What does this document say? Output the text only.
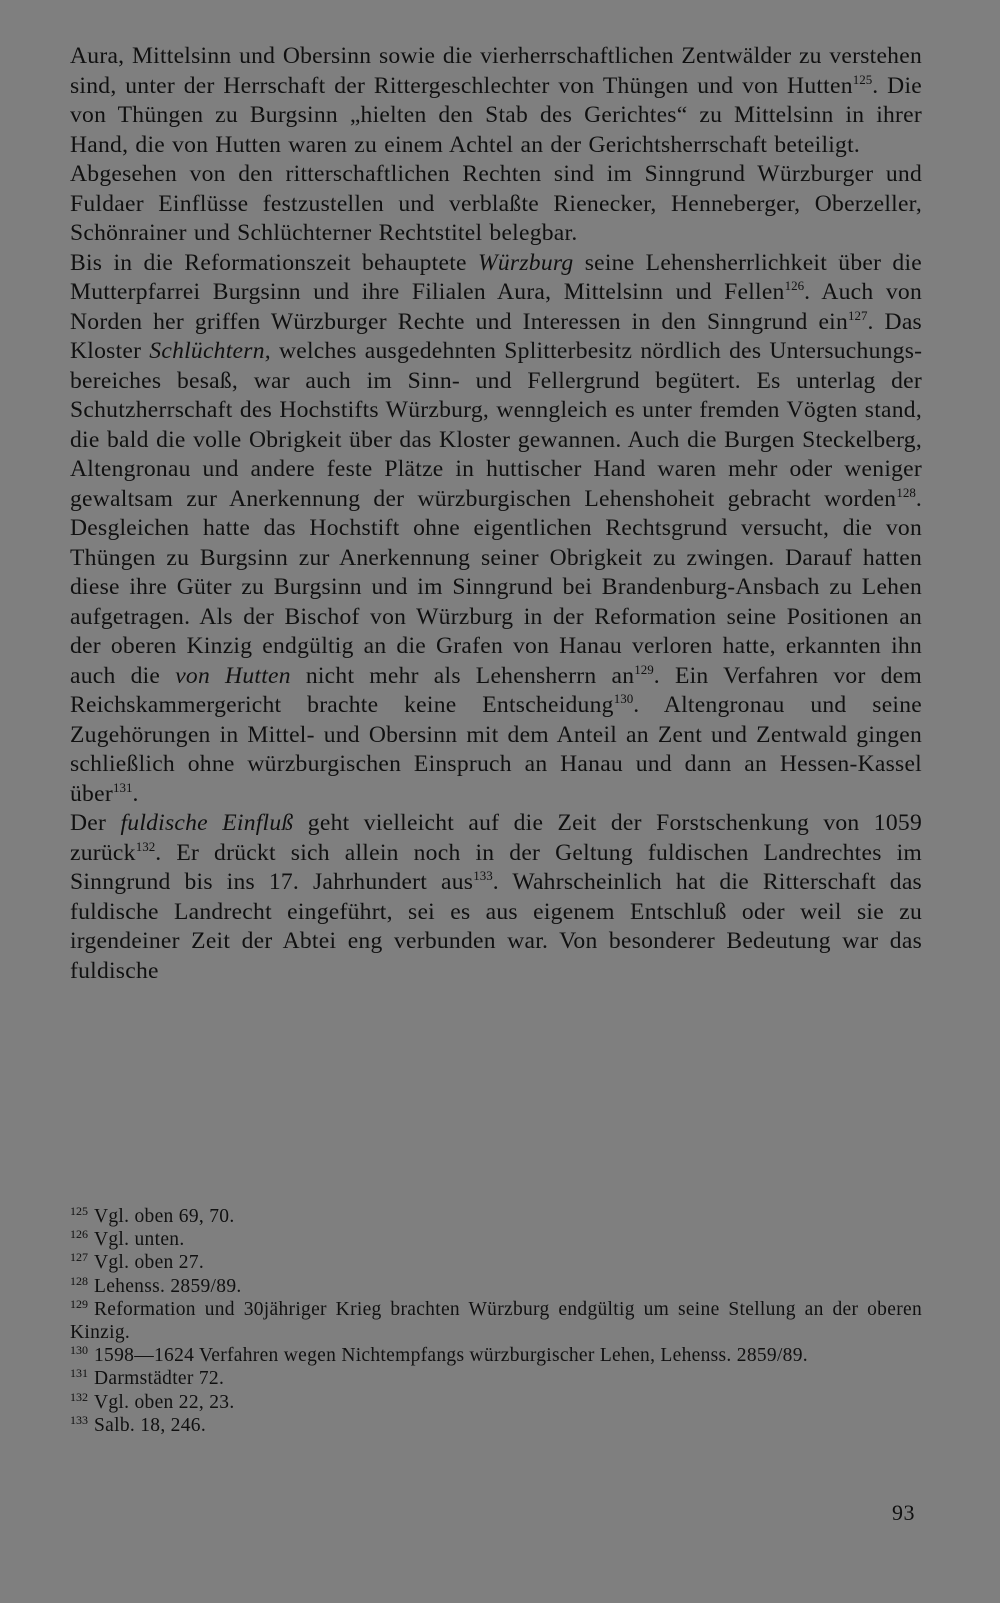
Aura, Mittelsinn und Obersinn sowie die vierherrschaftlichen Zentwälder zu verstehen sind, unter der Herrschaft der Rittergeschlechter von Thüngen und von Hutten$^{125}$. Die von Thüngen zu Burgsinn „hielten den Stab des Gerichtes“ zu Mittelsinn in ihrer Hand, die von Hutten waren zu einem Achtel an der Gerichtsherrschaft beteiligt.

Abgesehen von den ritterschaftlichen Rechten sind im Sinngrund Würzburger und Fuldaer Einflüsse festzustellen und verblaßte Rienecker, Henneberger, Oberzeller, Schönrainer und Schlüchterner Rechtstitel belegbar.

Bis in die Reformationszeit behauptete Würzburg seine Lehensherrlichkeit über die Mutterpfarrei Burgsinn und ihre Filialen Aura, Mittelsinn und Fellen$^{126}$. Auch von Norden her griffen Würzburger Rechte und Interessen in den Sinngrund ein$^{127}$. Das Kloster Schlüchtern, welches ausgedehnten Splitterbesitz nördlich des Untersuchungsbereiches besaß, war auch im Sinn- und Fellergrund begütert. Es unterlag der Schutzherrschaft des Hochstifts Würzburg, wenngleich es unter fremden Vögten stand, die bald die volle Obrigkeit über das Kloster gewannen. Auch die Burgen Steckelberg, Altengronau und andere feste Plätze in huttischer Hand waren mehr oder weniger gewaltsam zur Anerkennung der würzburgischen Lehenshoheit gebracht worden$^{128}$. Desgleichen hatte das Hochstift ohne eigentlichen Rechtsgrund versucht, die von Thüngen zu Burgsinn zur Anerkennung seiner Obrigkeit zu zwingen. Darauf hatten diese ihre Güter zu Burgsinn und im Sinngrund bei Brandenburg-Ansbach zu Lehen aufgetragen. Als der Bischof von Würzburg in der Reformation seine Positionen an der oberen Kinzig endgültig an die Grafen von Hanau verloren hatte, erkannten ihn auch die von Hutten nicht mehr als Lehensherrn $an^{129}$. Ein Verfahren vor dem Reichskammergericht brachte keine Entscheidung$^{130}$. Altengronau und seine Zugehörungen in Mittel- und Obersinn mit dem Anteil an Zent und Zentwald gingen schließlich ohne würzburgischen Einspruch an Hanau und dann an Hessen-Kassel über$^{131}$.

Der fuldische Einfluß geht vielleicht auf die Zeit der Forstschenkung von 1059 zurück$^{132}$. Er drückt sich allein noch in der Geltung fuldischen Landrechtes im Sinngrund bis ins 17. Jahrhundert aus$^{133}$. Wahrscheinlich hat die Ritterschaft das fuldische Landrecht eingeführt, sei es aus eigenem Entschluß oder weil sie zu irgendeiner Zeit der Abtei eng verbunden war. Von besonderer Bedeutung war das fuldische

$^{125}$ Vgl. oben 69, 70.

$^{126}$ Vgl. unten.

$^{127}$ Vgl. oben 27.

$^{128}$ Lehenss. 2859/89.

$^{129}$ Reformation und 30jähriger Krieg brachten Würzburg endgültig um seine Stellung an der oberen Kinzig.

$^{130}$ 1598—1624 Verfahren wegen Nichtempfangs würzburgischer Lehen, Lehenss. 2859/89.

$^{131}$ Darmstädter 72.

$^{132}$ Vgl. oben 22, 23.

$^{133}$ Salb. 18, 246.

93
